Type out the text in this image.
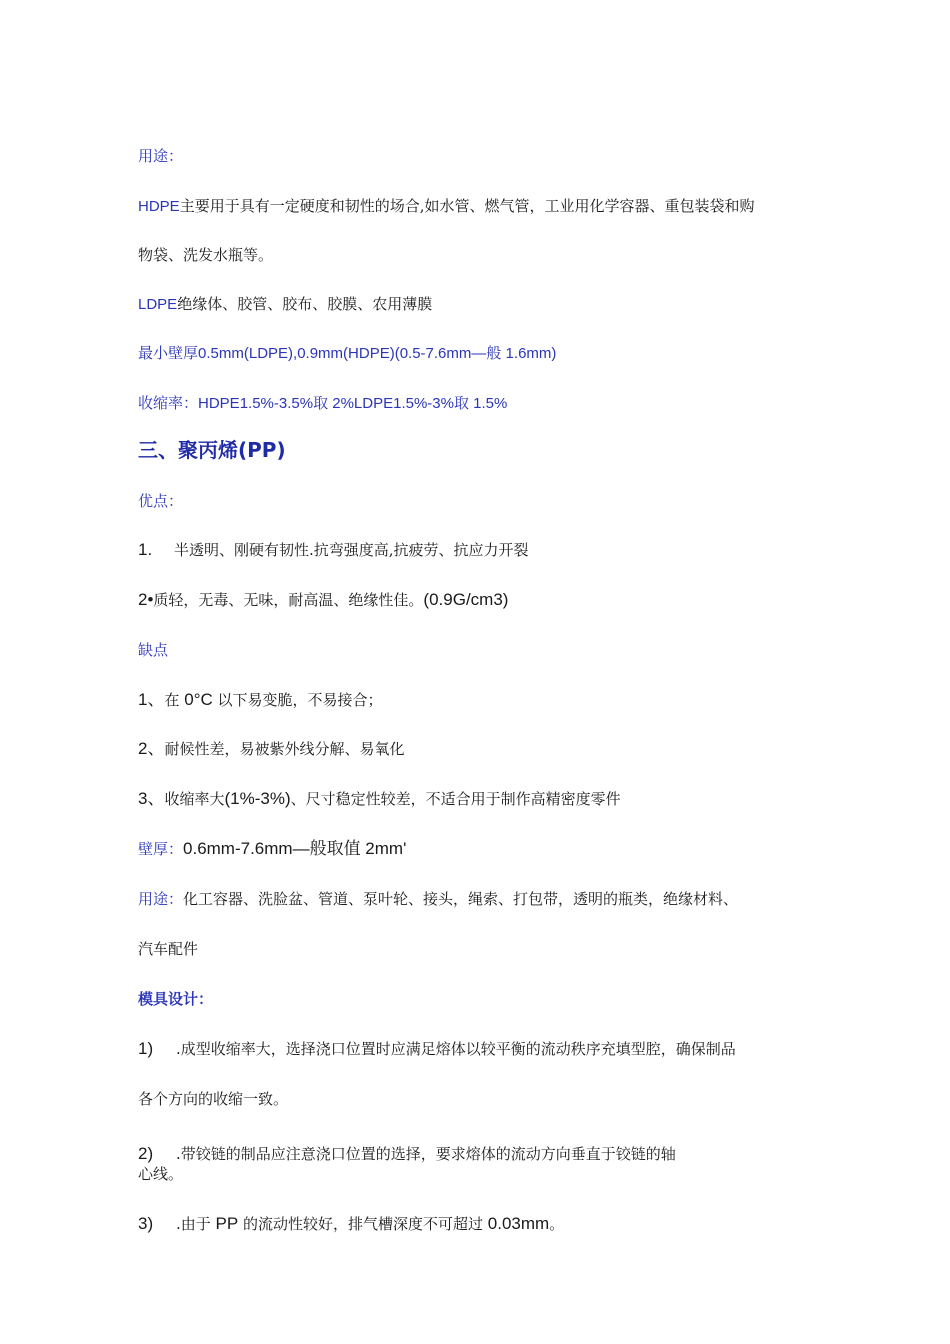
用途：
HDPE主要用于具有一定硬度和韧性的场合,如水管、燃气管，工业用化学容器、重包装袋和购
物袋、洗发水瓶等。
LDPE绝缘体、胶管、胶布、胶膜、农用薄膜
最小壁厚0.5mm(LDPE),0.9mm(HDPE)(0.5-7.6mm—般 1.6mm)
收缩率：HDPE1.5%-3.5%取 2%LDPE1.5%-3%取 1.5%
三、聚丙烯(PP)
优点：
1. 半透明、刚硬有韧性.抗弯强度高,抗疲劳、抗应力开裂
2•质轻，无毒、无味，耐高温、绝缘性佳。(0.9G/cm3)
缺点
1、在 0°C 以下易变脆，不易接合；
2、耐候性差，易被紫外线分解、易氧化
3、收缩率大(1%-3%)、尺寸稳定性较差，不适合用于制作高精密度零件
壁厚：0.6mm-7.6mm—般取值 2mm'
用途：化工容器、洗脸盆、管道、泵叶轮、接头，绳索、打包带，透明的瓶类，绝缘材料、
汽车配件
模具设计：
1) .成型收缩率大，选择浇口位置时应满足熔体以较平衡的流动秩序充填型腔，确保制品
各个方向的收缩一致。
2) .带铰链的制品应注意浇口位置的选择，要求熔体的流动方向垂直于铰链的轴
心线。
3) .由于 PP 的流动性较好，排气槽深度不可超过 0.03mm。
